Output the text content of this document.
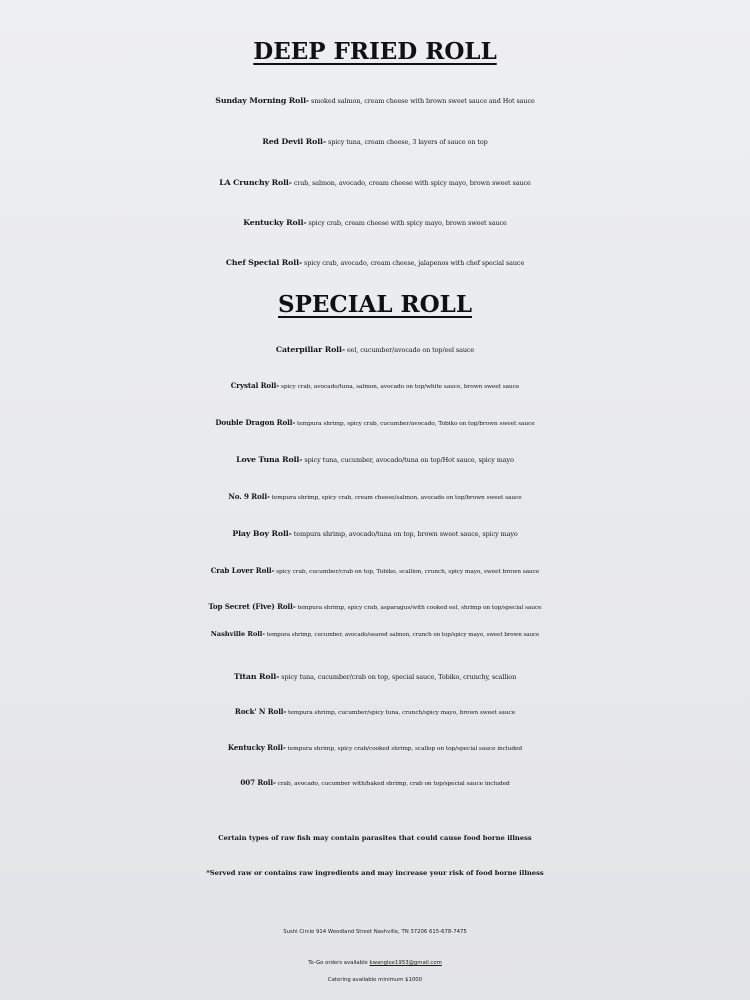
DEEP FRIED ROLL
Sunday Morning Roll- smoked salmon, cream cheese with brown sweet sauce and Hot sauce
Red Devil Roll- spicy tuna, cream cheese, 3 layers of sauce on top
LA Crunchy Roll- crab, salmon, avocado, cream cheese with spicy mayo, brown sweet sauce
Kentucky Roll- spicy crab, cream cheese with spicy mayo, brown sweet sauce
Chef Special Roll- spicy crab, avocado, cream cheese, jalapenos with chef special sauce
SPECIAL ROLL
Caterpillar Roll- eel, cucumber/avocado on top/eel sauce
Crystal Roll- spicy crab, avocado/tuna, salmon, avocado on top/white sauce, brown sweet sauce
Double Dragon Roll- tempura shrimp, spicy crab, cucumber/avocado, Tobiko on top/brown sweet sauce
Love Tuna Roll- spicy tuna, cucumber, avocado/tuna on top/Hot sauce, spicy mayo
No. 9 Roll- tempura shrimp, spicy crab, cream cheese/salmon, avocado on top/brown sweet sauce
Play Boy Roll- tempura shrimp, avocado/tuna on top, brown sweet sauce, spicy mayo
Crab Lover Roll- spicy crab, cucumber/crab on top, Tobiko, scallion, crunch, spicy mayo, sweet brown sauce
Top Secret (Five) Roll- tempura shrimp, spicy crab, asparagus/with cooked eel, shrimp on top/special sauce
Nashville Roll- tempura shrimp, cucumber, avocado/seared salmon, crunch on top/spicy mayo, sweet brown sauce
Titan Roll- spicy tuna, cucumber/crab on top, special sauce, Tobiko, crunchy, scallion
Rock' N Roll- tempura shrimp, cucumber/spicy tuna, crunch/spicy mayo, brown sweet sauce
Kentucky Roll- tempura shrimp, spicy crab/cooked shrimp, scallop on top/special sauce included
007 Roll- crab, avocado, cucumber with/baked shrimp, crab on top/special sauce included
Certain types of raw fish may contain parasites that could cause food borne illness
*Served raw or contains raw ingredients and may increase your risk of food borne illness
Sushi Circle 914 Woodland Street Nashville, TN 37206 615-678-7475
To-Go orders available kwanglee1953@gmail.com
Catering available minimum $1000
